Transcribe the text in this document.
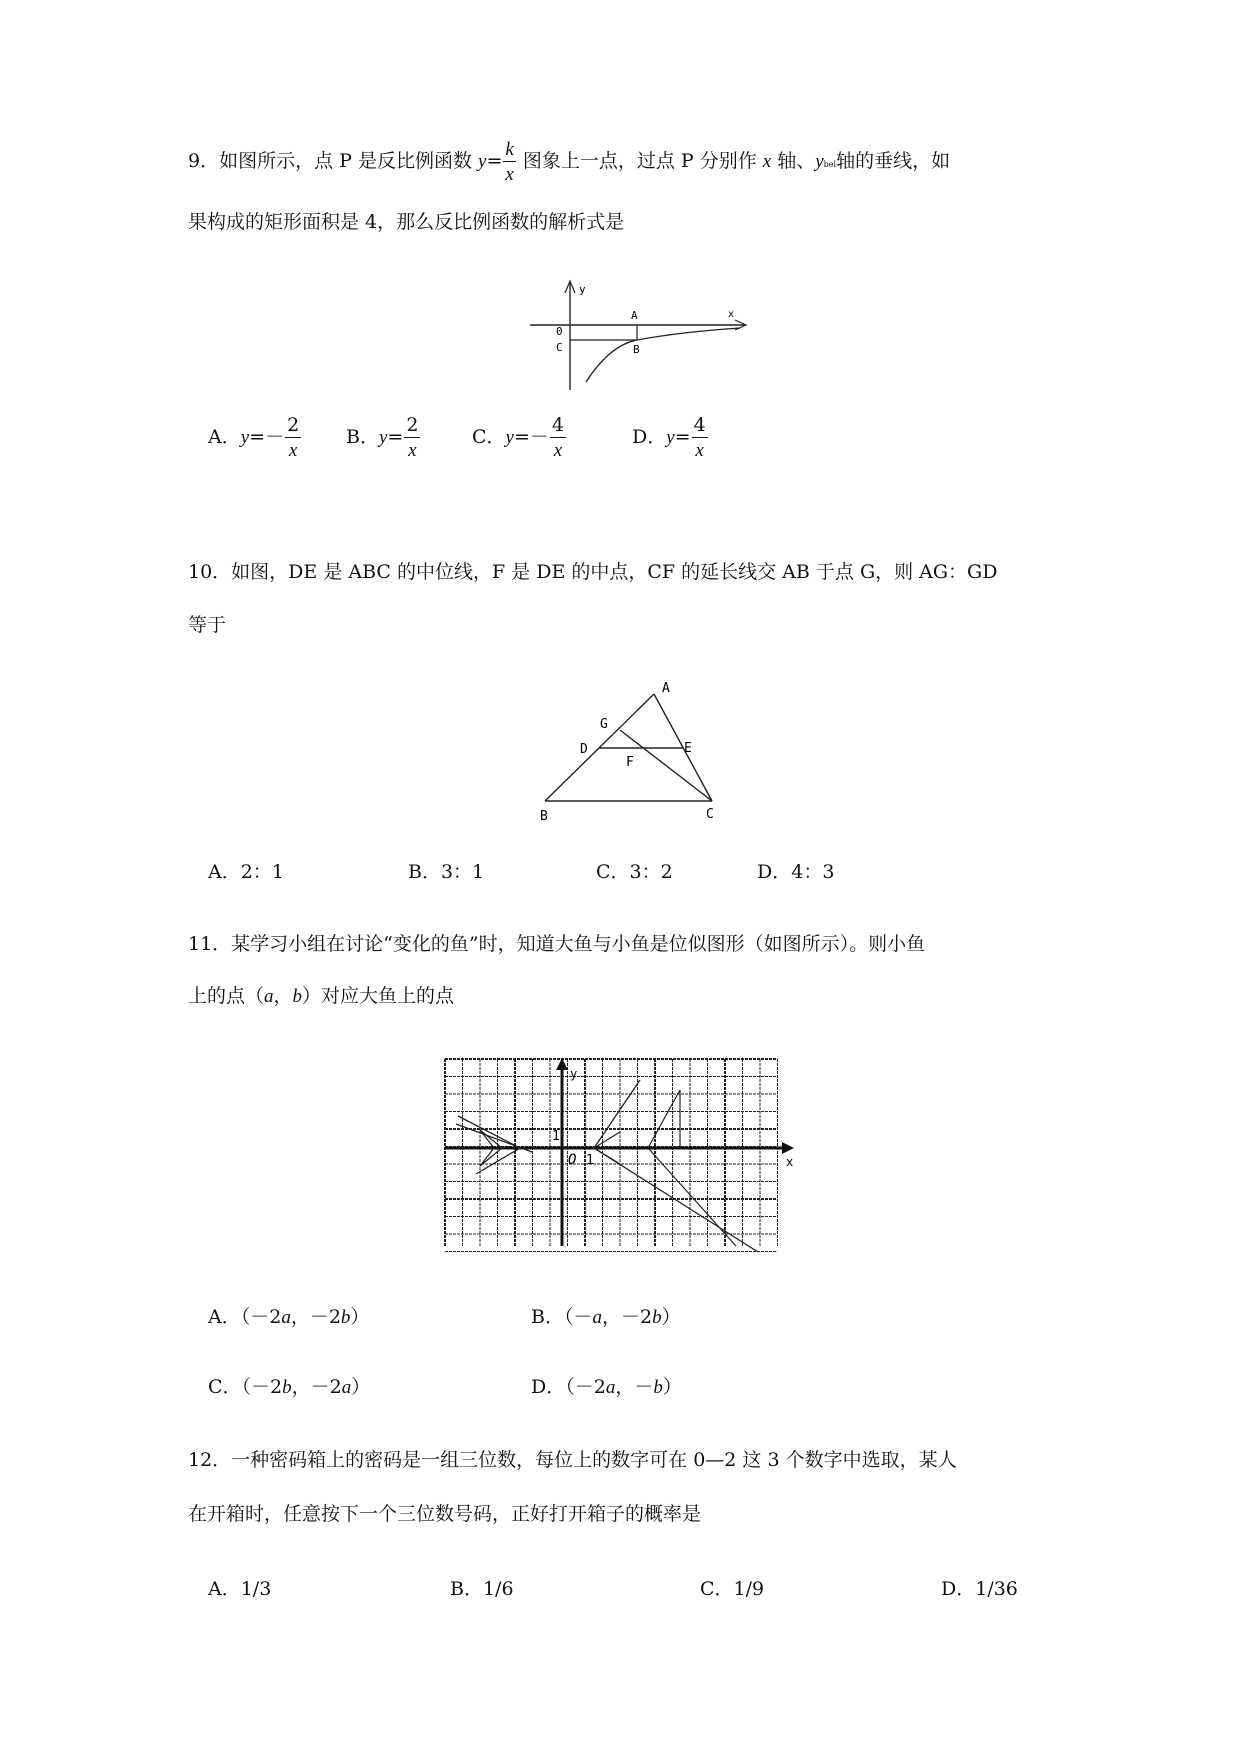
9．如图所示，点 P 是反比例函数 $y= \frac{k}{x}$ 图象上一点，过点 P 分别作 x 轴、ybel轴的垂线，如
果构成的矩形面积是 4，那么反比例函数的解析式是
y
x
0
C
A
B
A．$y=- \frac{2}{x}$ B．$y= \frac{2}{x}$	C．$y=- \frac{4}{x}$	D．$y= \frac{4}{x}$
10．如图，DE 是 ABC 的中位线，F 是 DE 的中点，CF 的延长线交 AB 于点 G，则 AG：GD
等于
A
G
D	E
F
B	C
A．2：1	B．3：1	C．3：2	D．4：3
11．某学习小组在讨论“变化的鱼”时，知道大鱼与小鱼是位似图形（如图所示）。则小鱼
上的点（a，b）对应大鱼上的点
y
x
1
O 1
A．（－2a，－2b）	B．（－a，－2b）
C．（－2b，－2a）	D．（－2a，－b）
12．一种密码箱上的密码是一组三位数，每位上的数字可在 0—2 这 3 个数字中选取，某人
在开箱时，任意按下一个三位数号码，正好打开箱子的概率是
A．1/3	B．1/6	C．1/9	D．1/36
